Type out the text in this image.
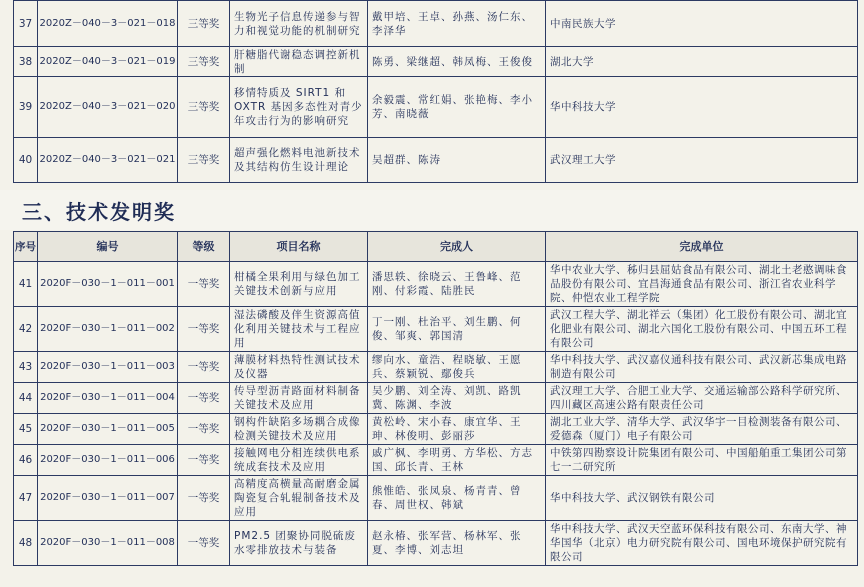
37	2020Z－040－3－021－018	三等奖	生物光子信息传递参与智力和视觉功能的机制研究	戴甲培、王卓、孙燕、汤仁东、李泽华	中南民族大学
38	2020Z－040－3－021－019	三等奖	肝糖脂代谢稳态调控新机制	陈勇、梁继超、韩凤梅、王俊俊	湖北大学
39	2020Z－040－3－021－020	三等奖	移情特质及 SIRT1 和 OXTR 基因多态性对青少年攻击行为的影响研究	余毅震、常红娟、张艳梅、李小芳、南晓薇	华中科技大学
40	2020Z－040－3－021－021	三等奖	超声强化燃料电池新技术及其结构仿生设计理论	吴超群、陈涛	武汉理工大学
三、技术发明奖
序号	编号	等级	项目名称	完成人	完成单位
41	2020F－030－1－011－001	一等奖	柑橘全果利用与绿色加工关键技术创新与应用	潘思轶、徐晓云、王鲁峰、范刚、付彩霞、陆胜民	华中农业大学、秭归县屈姑食品有限公司、湖北土老憨调味食品股份有限公司、宜昌海通食品有限公司、浙江省农业科学院、仲恺农业工程学院
42	2020F－030－1－011－002	一等奖	湿法磷酸及伴生资源高值化利用关键技术与工程应用	丁一刚、杜治平、刘生鹏、何俊、邹爽、郭国清	武汉工程大学、湖北祥云（集团）化工股份有限公司、湖北宜化肥业有限公司、湖北六国化工股份有限公司、中国五环工程有限公司
43	2020F－030－1－011－003	一等奖	薄膜材料热特性测试技术及仪器	缪向水、童浩、程晓敏、王愿兵、蔡颖锐、鄢俊兵	华中科技大学、武汉嘉仪通科技有限公司、武汉新芯集成电路制造有限公司
44	2020F－030－1－011－004	一等奖	传导型沥青路面材料制备关键技术及应用	吴少鹏、刘全涛、刘凯、路凯冀、陈渊、李波	武汉理工大学、合肥工业大学、交通运输部公路科学研究所、四川藏区高速公路有限责任公司
45	2020F－030－1－011－005	一等奖	钢构件缺陷多场耦合成像检测关键技术及应用	黄松岭、宋小春、康宜华、王珅、林俊明、彭丽莎	湖北工业大学、清华大学、武汉华宇一目检测装备有限公司、爱德森（厦门）电子有限公司
46	2020F－030－1－011－006	一等奖	接触网电分相连续供电系统成套技术及应用	戚广枫、李明勇、方华松、方志国、邱长青、王林	中铁第四勘察设计院集团有限公司、中国船舶重工集团公司第七一二研究所
47	2020F－030－1－011－007	一等奖	高精度高横量高耐磨金属陶瓷复合轧辊制备技术及应用	熊惟皓、张凤泉、杨青青、曾春、周世权、韩斌	华中科技大学、武汉钢铁有限公司
48	2020F－030－1－011－008	一等奖	PM2.5 团聚协同脱硫废水零排放技术与装备	赵永椿、张军营、杨林军、张夏、李博、刘志坦	华中科技大学、武汉天空蓝环保科技有限公司、东南大学、神华国华（北京）电力研究院有限公司、国电环境保护研究院有限公司
